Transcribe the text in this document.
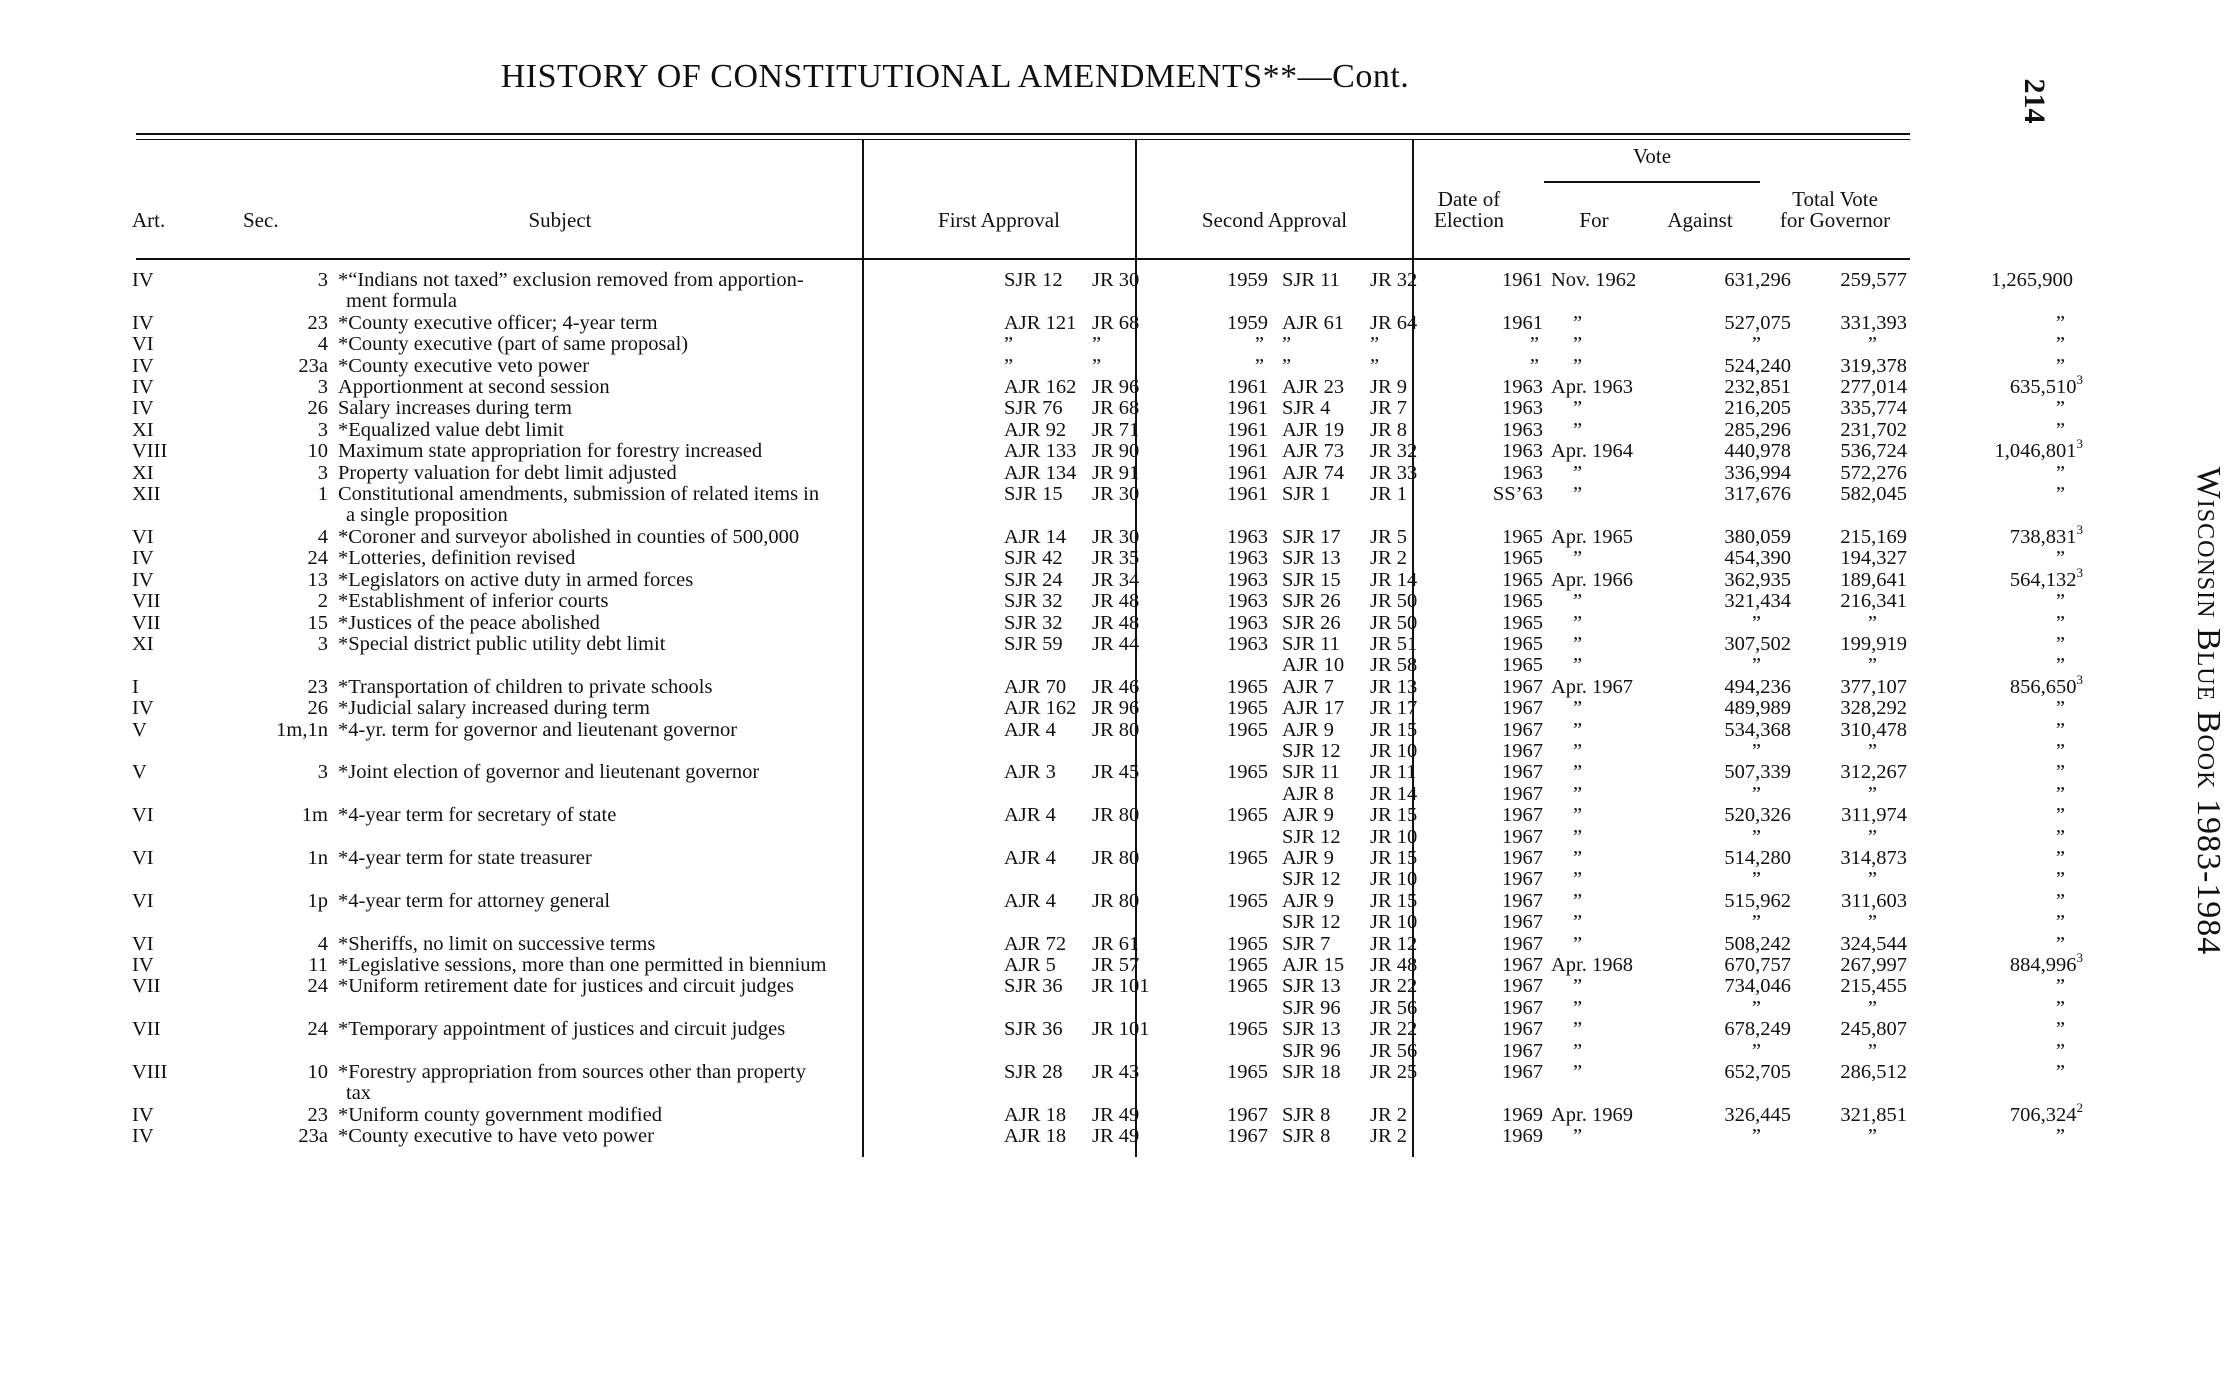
HISTORY OF CONSTITUTIONAL AMENDMENTS**—Cont.
214
Wisconsin Blue Book 1983-1984
Art.	Sec.	Subject	First Approval	Second Approval
Date of
Election
Vote
For	Against
Total Vote
for Governor
IV	3	*“Indians not taxed” exclusion removed from apportion-	SJR 12	JR 30	1959	SJR 11	JR 32	1961	Nov. 1962	631,296	259,577	1,265,900
		ment formula										
IV	23	*County executive officer; 4-year term	AJR 121	JR 68	1959	AJR 61	JR 64	1961	”	527,075	331,393	”
VI	4	*County executive (part of same proposal)	”	”	”	”	”	”	”	”	”	”
IV	23a	*County executive veto power	”	”	”	”	”	”	”	524,240	319,378	”
IV	3	Apportionment at second session	AJR 162	JR 96	1961	AJR 23	JR 9	1963	Apr. 1963	232,851	277,014	635,510$^3$
IV	26	Salary increases during term	SJR 76	JR 68	1961	SJR 4	JR 7	1963	”	216,205	335,774	”
XI	3	*Equalized value debt limit	AJR 92	JR 71	1961	AJR 19	JR 8	1963	”	285,296	231,702	”
VIII	10	Maximum state appropriation for forestry increased	AJR 133	JR 90	1961	AJR 73	JR 32	1963	Apr. 1964	440,978	536,724	1,046,801$^3$
XI	3	Property valuation for debt limit adjusted	AJR 134	JR 91	1961	AJR 74	JR 33	1963	”	336,994	572,276	”
XII	1	Constitutional amendments, submission of related items in	SJR 15	JR 30	1961	SJR 1	JR 1	SS’63	”	317,676	582,045	”
		a single proposition										
VI	4	*Coroner and surveyor abolished in counties of 500,000	AJR 14	JR 30	1963	SJR 17	JR 5	1965	Apr. 1965	380,059	215,169	738,831$^3$
IV	24	*Lotteries, definition revised	SJR 42	JR 35	1963	SJR 13	JR 2	1965	”	454,390	194,327	”
IV	13	*Legislators on active duty in armed forces	SJR 24	JR 34	1963	SJR 15	JR 14	1965	Apr. 1966	362,935	189,641	564,132$^3$
VII	2	*Establishment of inferior courts	SJR 32	JR 48	1963	SJR 26	JR 50	1965	”	321,434	216,341	”
VII	15	*Justices of the peace abolished	SJR 32	JR 48	1963	SJR 26	JR 50	1965	”	”	”	”
XI	3	*Special district public utility debt limit	SJR 59	JR 44	1963	SJR 11	JR 51	1965	”	307,502	199,919	”
						AJR 10	JR 58	1965	”	”	”	”
I	23	*Transportation of children to private schools	AJR 70	JR 46	1965	AJR 7	JR 13	1967	Apr. 1967	494,236	377,107	856,650$^3$
IV	26	*Judicial salary increased during term	AJR 162	JR 96	1965	AJR 17	JR 17	1967	”	489,989	328,292	”
V	1m,1n	*4-yr. term for governor and lieutenant governor	AJR 4	JR 80	1965	AJR 9	JR 15	1967	”	534,368	310,478	”
						SJR 12	JR 10	1967	”	”	”	”
V	3	*Joint election of governor and lieutenant governor	AJR 3	JR 45	1965	SJR 11	JR 11	1967	”	507,339	312,267	”
						AJR 8	JR 14	1967	”	”	”	”
VI	1m	*4-year term for secretary of state	AJR 4	JR 80	1965	AJR 9	JR 15	1967	”	520,326	311,974	”
						SJR 12	JR 10	1967	”	”	”	”
VI	1n	*4-year term for state treasurer	AJR 4	JR 80	1965	AJR 9	JR 15	1967	”	514,280	314,873	”
						SJR 12	JR 10	1967	”	”	”	”
VI	1p	*4-year term for attorney general	AJR 4	JR 80	1965	AJR 9	JR 15	1967	”	515,962	311,603	”
						SJR 12	JR 10	1967	”	”	”	”
VI	4	*Sheriffs, no limit on successive terms	AJR 72	JR 61	1965	SJR 7	JR 12	1967	”	508,242	324,544	”
IV	11	*Legislative sessions, more than one permitted in biennium	AJR 5	JR 57	1965	AJR 15	JR 48	1967	Apr. 1968	670,757	267,997	884,996$^3$
VII	24	*Uniform retirement date for justices and circuit judges	SJR 36	JR 101	1965	SJR 13	JR 22	1967	”	734,046	215,455	”
						SJR 96	JR 56	1967	”	”	”	”
VII	24	*Temporary appointment of justices and circuit judges	SJR 36	JR 101	1965	SJR 13	JR 22	1967	”	678,249	245,807	”
						SJR 96	JR 56	1967	”	”	”	”
VIII	10	*Forestry appropriation from sources other than property	SJR 28	JR 43	1965	SJR 18	JR 25	1967	”	652,705	286,512	”
		tax										
IV	23	*Uniform county government modified	AJR 18	JR 49	1967	SJR 8	JR 2	1969	Apr. 1969	326,445	321,851	706,324$^2$
IV	23a	*County executive to have veto power	AJR 18	JR 49	1967	SJR 8	JR 2	1969	”	”	”	”
